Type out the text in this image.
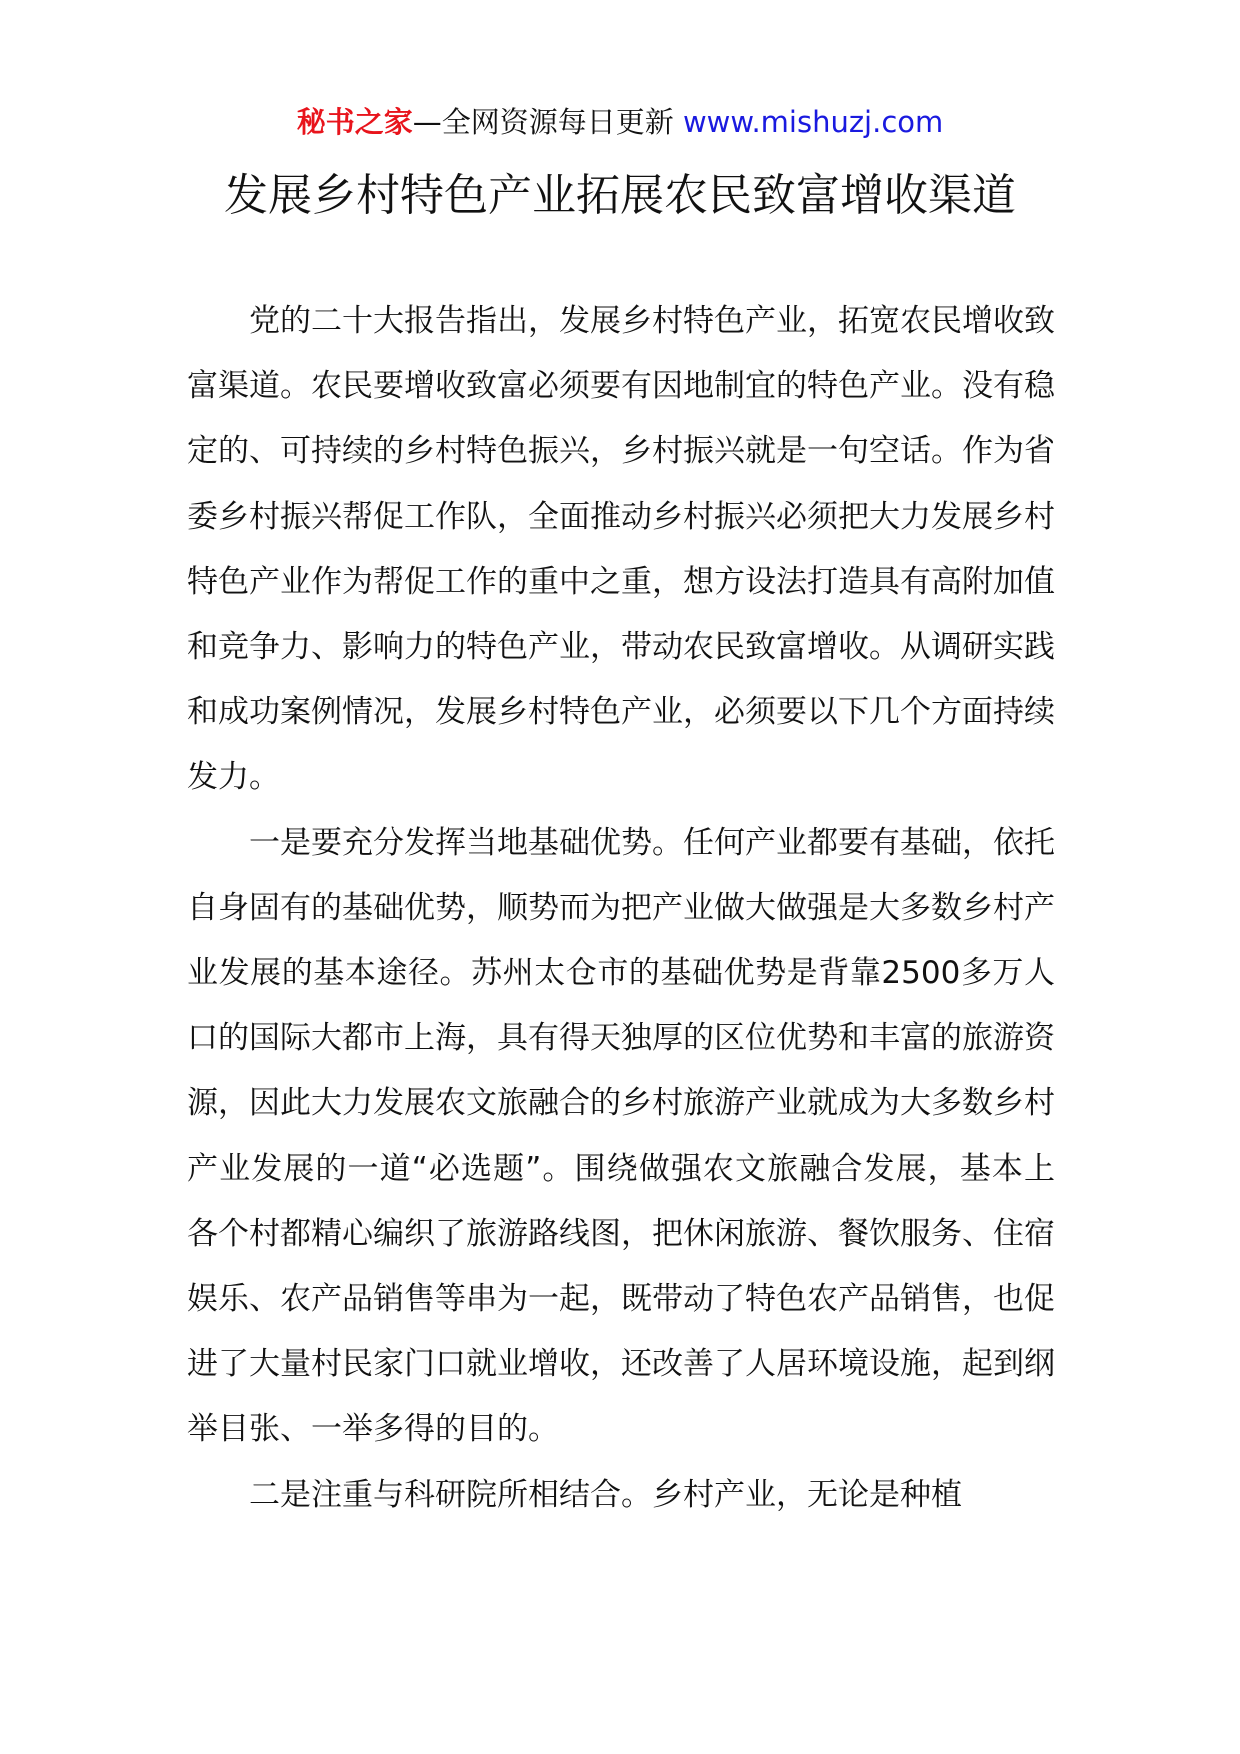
秘书之家—全网资源每日更新 www.mishuzj.com
发展乡村特色产业拓展农民致富增收渠道

党的二十大报告指出，发展乡村特色产业，拓宽农民增收致富渠道。农民要增收致富必须要有因地制宜的特色产业。没有稳定的、可持续的乡村特色振兴，乡村振兴就是一句空话。作为省委乡村振兴帮促工作队，全面推动乡村振兴必须把大力发展乡村特色产业作为帮促工作的重中之重，想方设法打造具有高附加值和竞争力、影响力的特色产业，带动农民致富增收。从调研实践和成功案例情况，发展乡村特色产业，必须要以下几个方面持续发力。

一是要充分发挥当地基础优势。任何产业都要有基础，依托自身固有的基础优势，顺势而为把产业做大做强是大多数乡村产业发展的基本途径。苏州太仓市的基础优势是背靠2500多万人口的国际大都市上海，具有得天独厚的区位优势和丰富的旅游资源，因此大力发展农文旅融合的乡村旅游产业就成为大多数乡村产业发展的一道“必选题”。围绕做强农文旅融合发展，基本上各个村都精心编织了旅游路线图，把休闲旅游、餐饮服务、住宿娱乐、农产品销售等串为一起，既带动了特色农产品销售，也促进了大量村民家门口就业增收，还改善了人居环境设施，起到纲举目张、一举多得的目的。

二是注重与科研院所相结合。乡村产业，无论是种植
